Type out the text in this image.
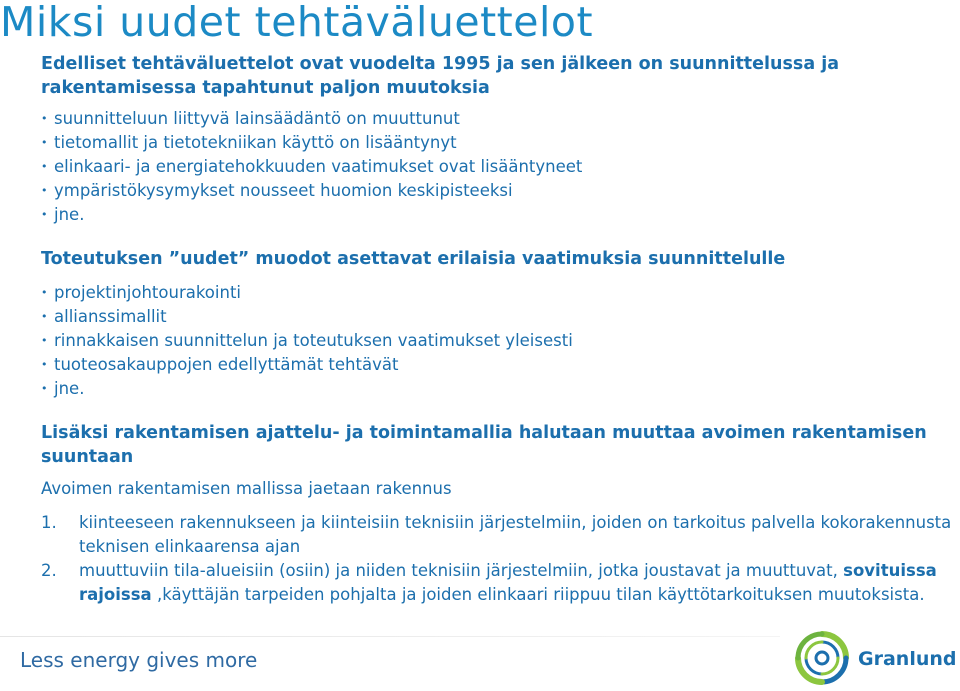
Miksi uudet tehtäväluettelot
Edelliset tehtäväluettelot ovat vuodelta 1995 ja sen jälkeen on suunnittelussa ja rakentamisessa tapahtunut paljon muutoksia
• suunnitteluun liittyvä lainsäädäntö on muuttunut
• tietomallit ja tietotekniikan käyttö on lisääntynyt
• elinkaari- ja energiatehokkuuden vaatimukset ovat lisääntyneet
• ympäristökysymykset nousseet huomion keskipisteeksi
• jne.
Toteutuksen ”uudet” muodot asettavat erilaisia vaatimuksia suunnittelulle
• projektinjohtourakointi
• allianssimallit
• rinnakkaisen suunnittelun ja toteutuksen vaatimukset yleisesti
• tuoteosakauppojen edellyttämät tehtävät
• jne.
Lisäksi rakentamisen ajattelu- ja toimintamallia halutaan muuttaa avoimen rakentamisen suuntaan
Avoimen rakentamisen mallissa jaetaan rakennus
1. kiinteeseen rakennukseen ja kiinteisiin teknisiin järjestelmiin, joiden on tarkoitus palvella kokorakennusta teknisen elinkaarensa ajan
2. muuttuviin tila-alueisiin (osiin) ja niiden teknisiin järjestelmiin, jotka joustavat ja muuttuvat, sovituissa rajoissa ,käyttäjän tarpeiden pohjalta ja joiden elinkaari riippuu tilan käyttötarkoituksen muutoksista.
Less energy gives more	Granlund
